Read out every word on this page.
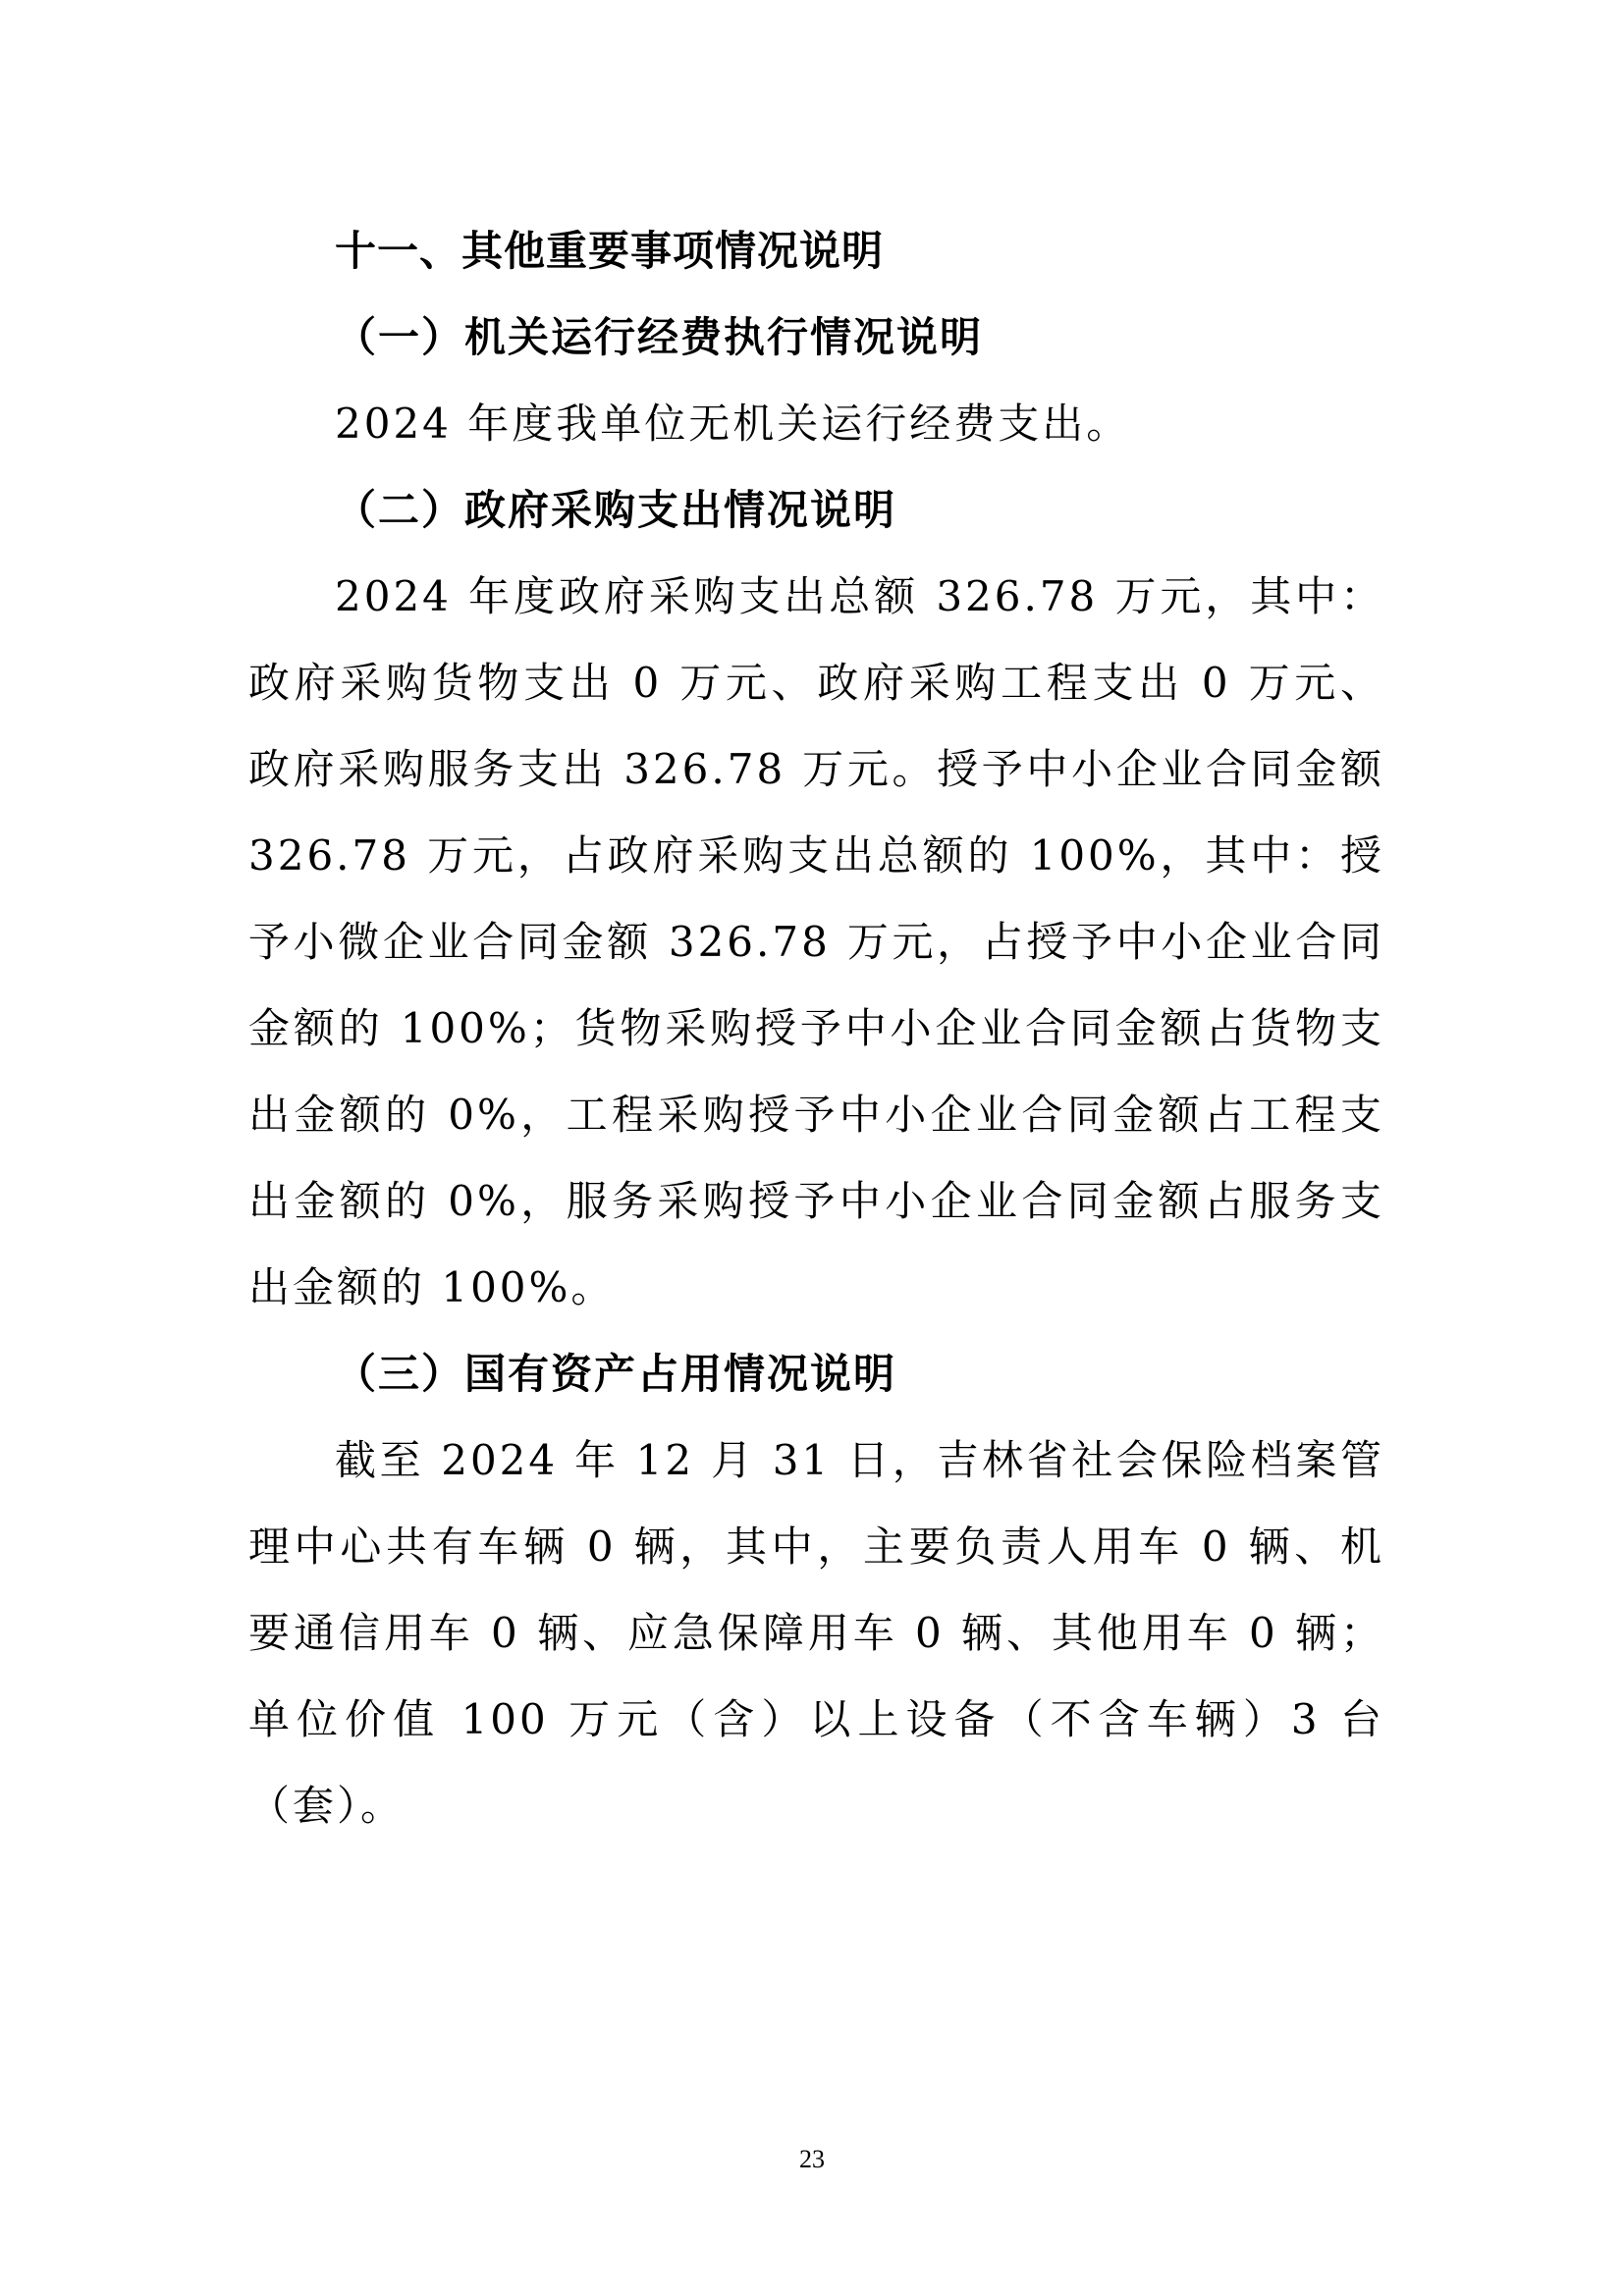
十一、其他重要事项情况说明
（一）机关运行经费执行情况说明

2024 年度我单位无机关运行经费支出。

（二）政府采购支出情况说明

2024 年度政府采购支出总额 326.78 万元，其中：政府采购货物支出 0 万元、政府采购工程支出 0 万元、政府采购服务支出 326.78 万元。授予中小企业合同金额 326.78 万元，占政府采购支出总额的 100%，其中：授予小微企业合同金额 326.78 万元，占授予中小企业合同金额的 100%；货物采购授予中小企业合同金额占货物支出金额的 0%，工程采购授予中小企业合同金额占工程支出金额的 0%，服务采购授予中小企业合同金额占服务支出金额的 100%。

（三）国有资产占用情况说明

截至 2024 年 12 月 31 日，吉林省社会保险档案管理中心共有车辆 0 辆，其中，主要负责人用车 0 辆、机要通信用车 0 辆、应急保障用车 0 辆、其他用车 0 辆；单位价值 100 万元（含）以上设备（不含车辆）3 台（套）。

23
